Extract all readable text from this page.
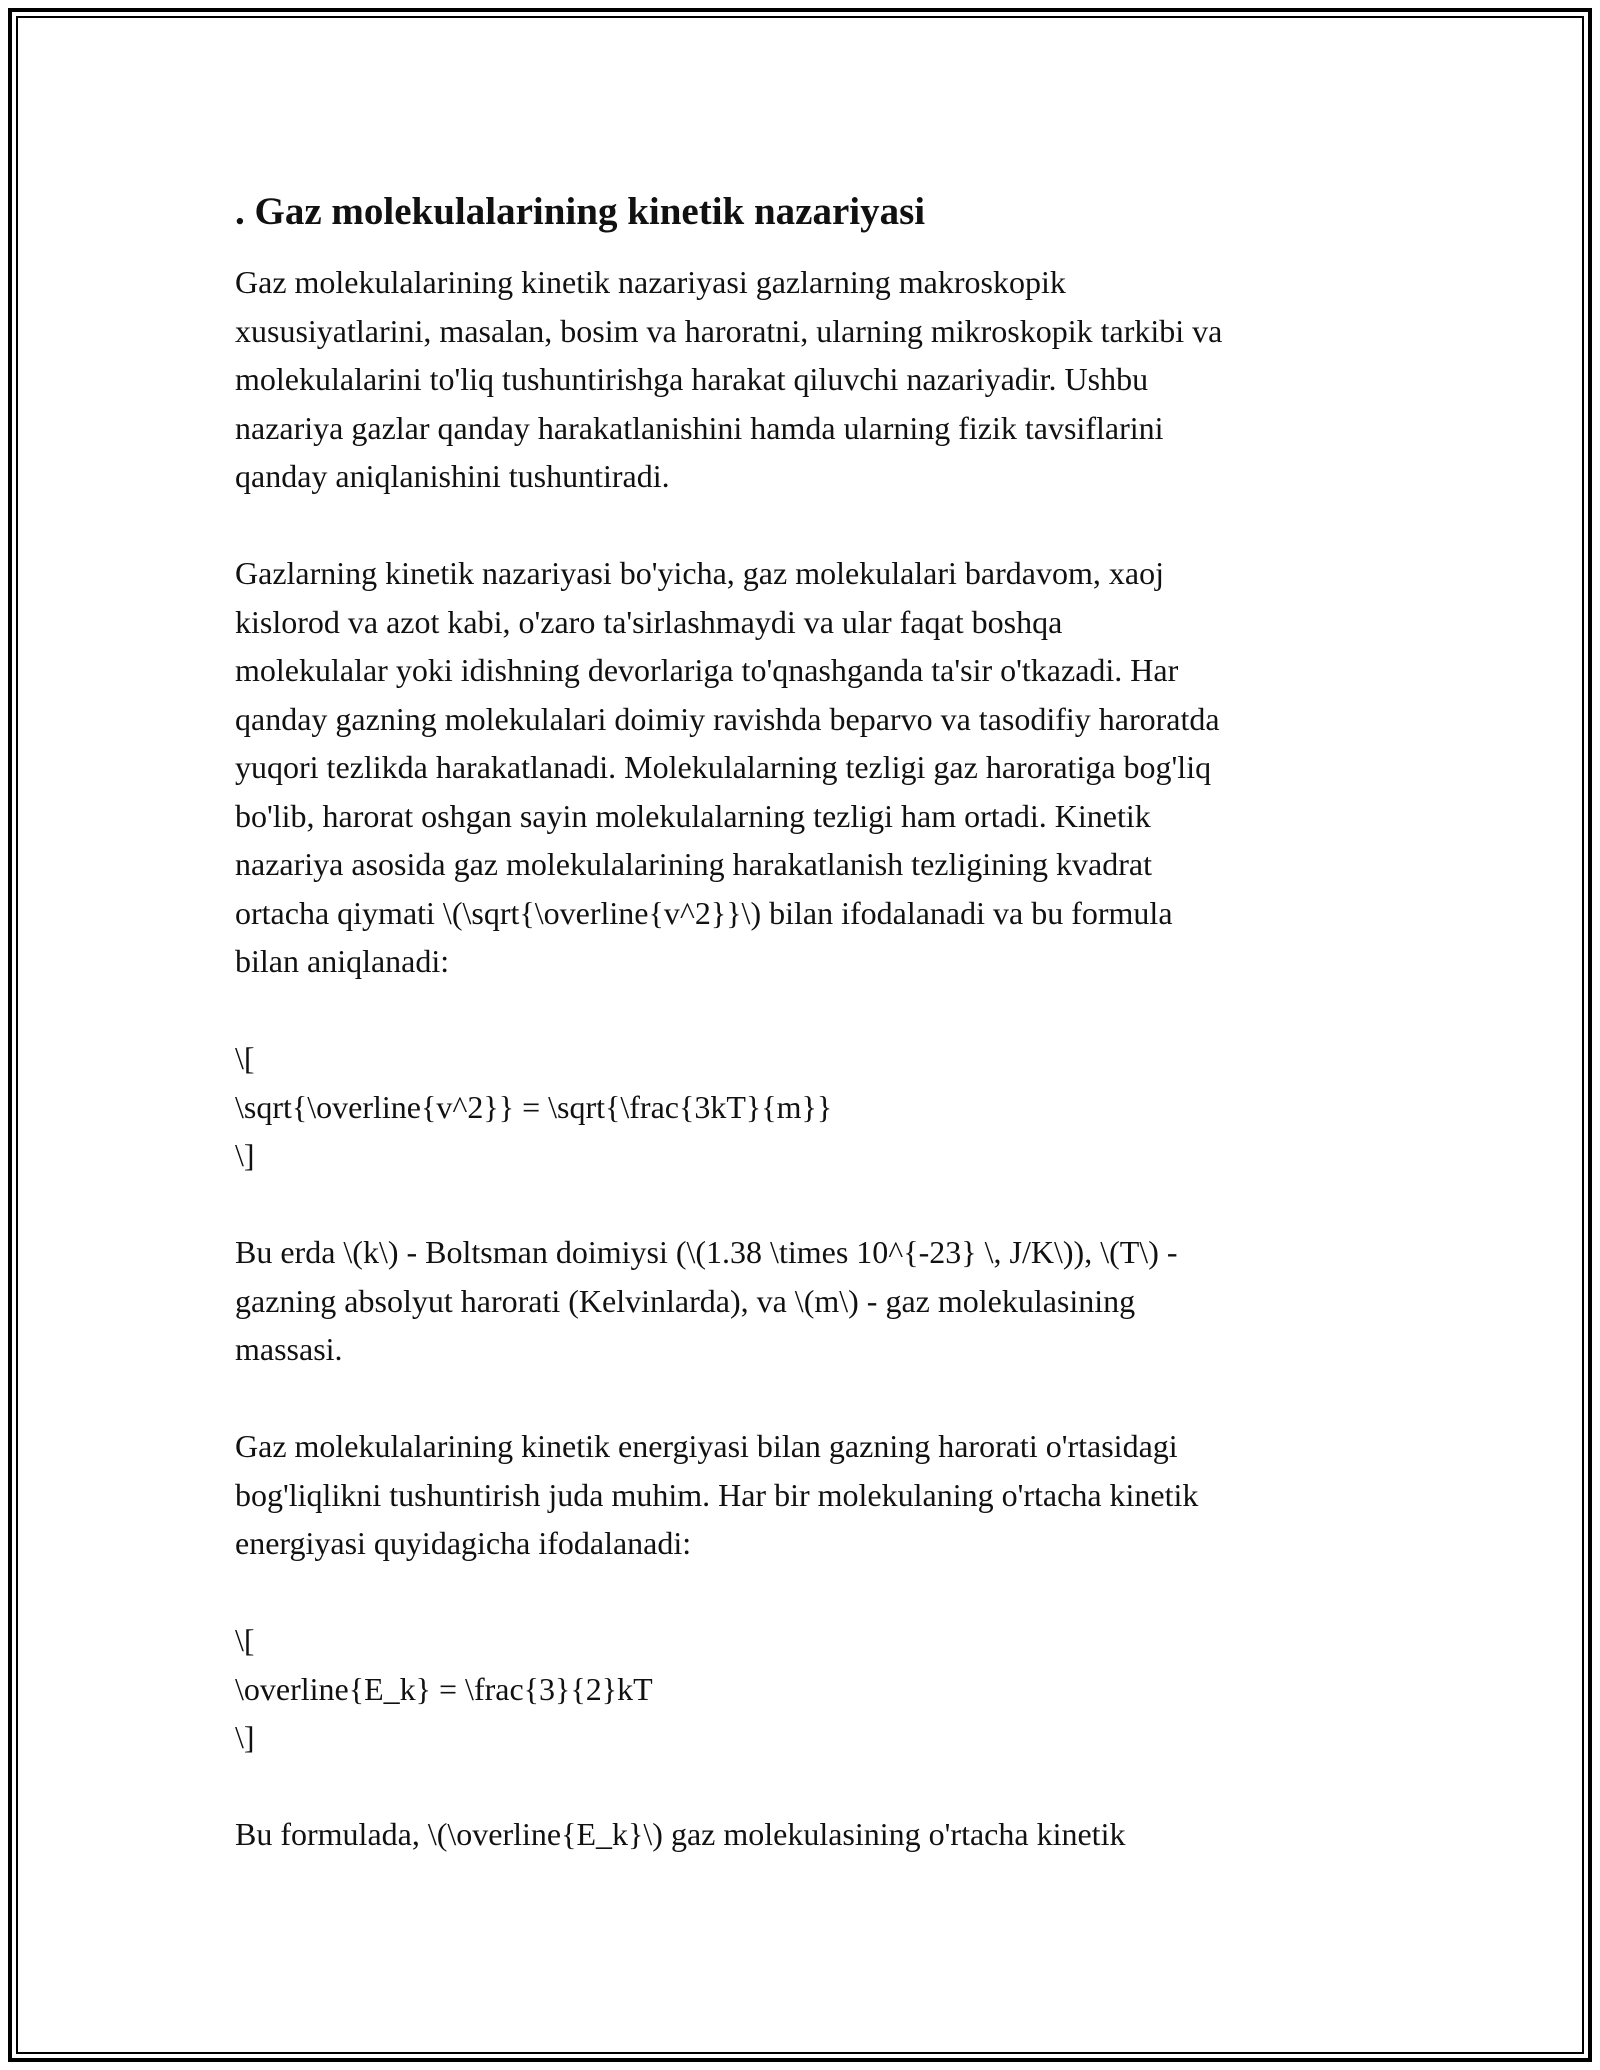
. Gaz molekulalarining kinetik nazariyasi

Gaz molekulalarining kinetik nazariyasi gazlarning makroskopik
xususiyatlarini, masalan, bosim va haroratni, ularning mikroskopik tarkibi va
molekulalarini to'liq tushuntirishga harakat qiluvchi nazariyadir. Ushbu
nazariya gazlar qanday harakatlanishini hamda ularning fizik tavsiflarini
qanday aniqlanishini tushuntiradi.

Gazlarning kinetik nazariyasi bo'yicha, gaz molekulalari bardavom, xaoj
kislorod va azot kabi, o'zaro ta'sirlashmaydi va ular faqat boshqa
molekulalar yoki idishning devorlariga to'qnashganda ta'sir o'tkazadi. Har
qanday gazning molekulalari doimiy ravishda beparvo va tasodifiy haroratda
yuqori tezlikda harakatlanadi. Molekulalarning tezligi gaz haroratiga bog'liq
bo'lib, harorat oshgan sayin molekulalarning tezligi ham ortadi. Kinetik
nazariya asosida gaz molekulalarining harakatlanish tezligining kvadrat
ortacha qiymati \(\sqrt{\overline{v^2}}\) bilan ifodalanadi va bu formula
bilan aniqlanadi:

\[
\sqrt{\overline{v^2}} = \sqrt{\frac{3kT}{m}}
\]

Bu erda \(k\) - Boltsman doimiysi (\(1.38 \times 10^{-23} \, J/K\)), \(T\) -
gazning absolyut harorati (Kelvinlarda), va \(m\) - gaz molekulasining
massasi.

Gaz molekulalarining kinetik energiyasi bilan gazning harorati o'rtasidagi
bog'liqlikni tushuntirish juda muhim. Har bir molekulaning o'rtacha kinetik
energiyasi quyidagicha ifodalanadi:

\[
\overline{E_k} = \frac{3}{2}kT
\]

Bu formulada, \(\overline{E_k}\) gaz molekulasining o'rtacha kinetik
